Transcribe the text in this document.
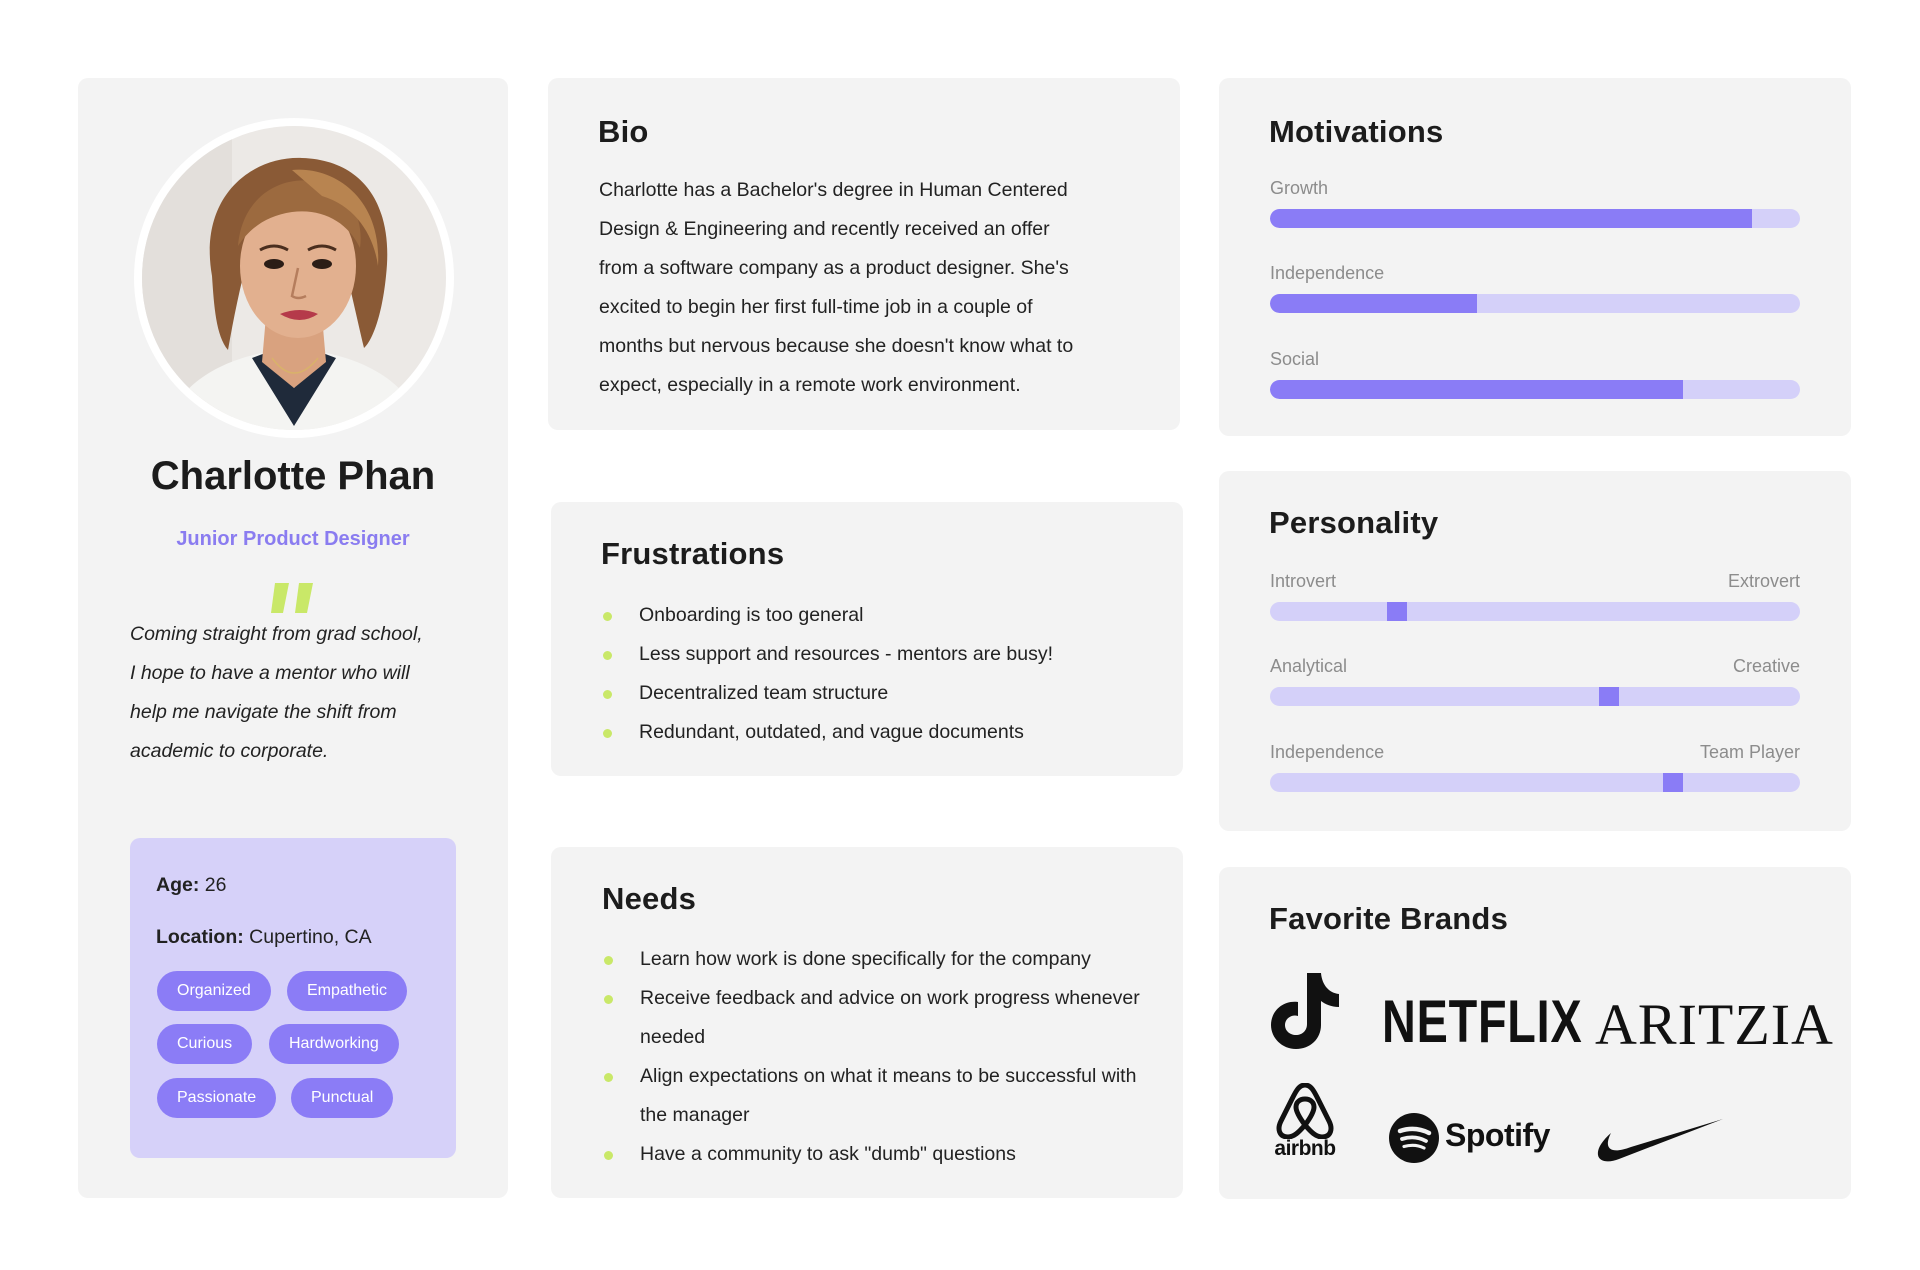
Charlotte Phan
Junior Product Designer
Coming straight from grad school,
I hope to have a mentor who will
help me navigate the shift from
academic to corporate.
Age: 26
Location: Cupertino, CA
Organized	Empathetic
Curious	Hardworking
Passionate	Punctual
Bio
Charlotte has a Bachelor's degree in Human Centered
Design & Engineering and recently received an offer
from a software company as a product designer. She's
excited to begin her first full-time job in a couple of
months but nervous because she doesn't know what to
expect, especially in a remote work environment.
Frustrations
Onboarding is too general
Less support and resources - mentors are busy!
Decentralized team structure
Redundant, outdated, and vague documents
Needs
Learn how work is done specifically for the company
Receive feedback and advice on work progress whenever needed
Align expectations on what it means to be successful with the manager
Have a community to ask "dumb" questions
Motivations
Growth
Independence
Social
Personality
Introvert	Extrovert
Analytical	Creative
Independence	Team Player
Favorite Brands
NETFLIX ARITZIA
airbnb	Spotify
